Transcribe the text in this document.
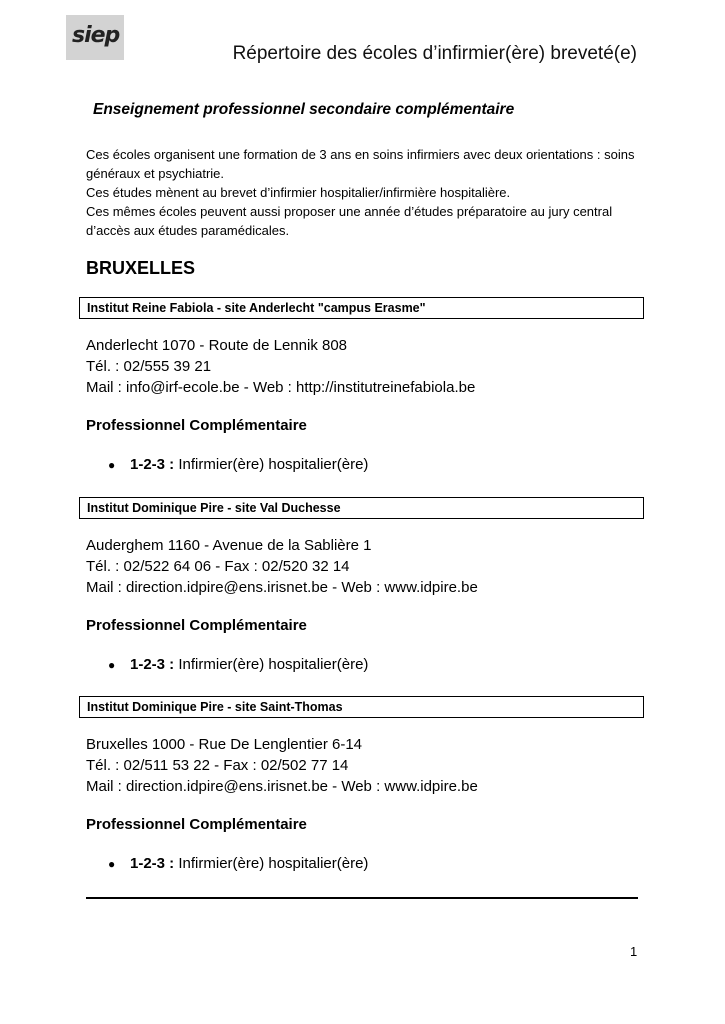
siep
Répertoire des écoles d’infirmier(ère) breveté(e)
Enseignement professionnel secondaire complémentaire

Ces écoles organisent une formation de 3 ans en soins infirmiers avec deux orientations : soins généraux et psychiatrie.

Ces études mènent au brevet d’infirmier hospitalier/infirmière hospitalière.

Ces mêmes écoles peuvent aussi proposer une année d’études préparatoire au jury central d’accès aux études paramédicales.

BRUXELLES
Institut Reine Fabiola - site Anderlecht "campus Erasme"
Anderlecht 1070 - Route de Lennik 808
Tél. : 02/555 39 21
Mail : info@irf-ecole.be - Web : http://institutreinefabiola.be
Professionnel Complémentaire
● 1-2-3 : Infirmier(ère) hospitalier(ère)
Institut Dominique Pire - site Val Duchesse
Auderghem 1160 - Avenue de la Sablière 1
Tél. : 02/522 64 06 - Fax : 02/520 32 14
Mail : direction.idpire@ens.irisnet.be - Web : www.idpire.be
Professionnel Complémentaire
● 1-2-3 : Infirmier(ère) hospitalier(ère)
Institut Dominique Pire - site Saint-Thomas
Bruxelles 1000 - Rue De Lenglentier 6-14
Tél. : 02/511 53 22 - Fax : 02/502 77 14
Mail : direction.idpire@ens.irisnet.be - Web : www.idpire.be
Professionnel Complémentaire
● 1-2-3 : Infirmier(ère) hospitalier(ère)
1
